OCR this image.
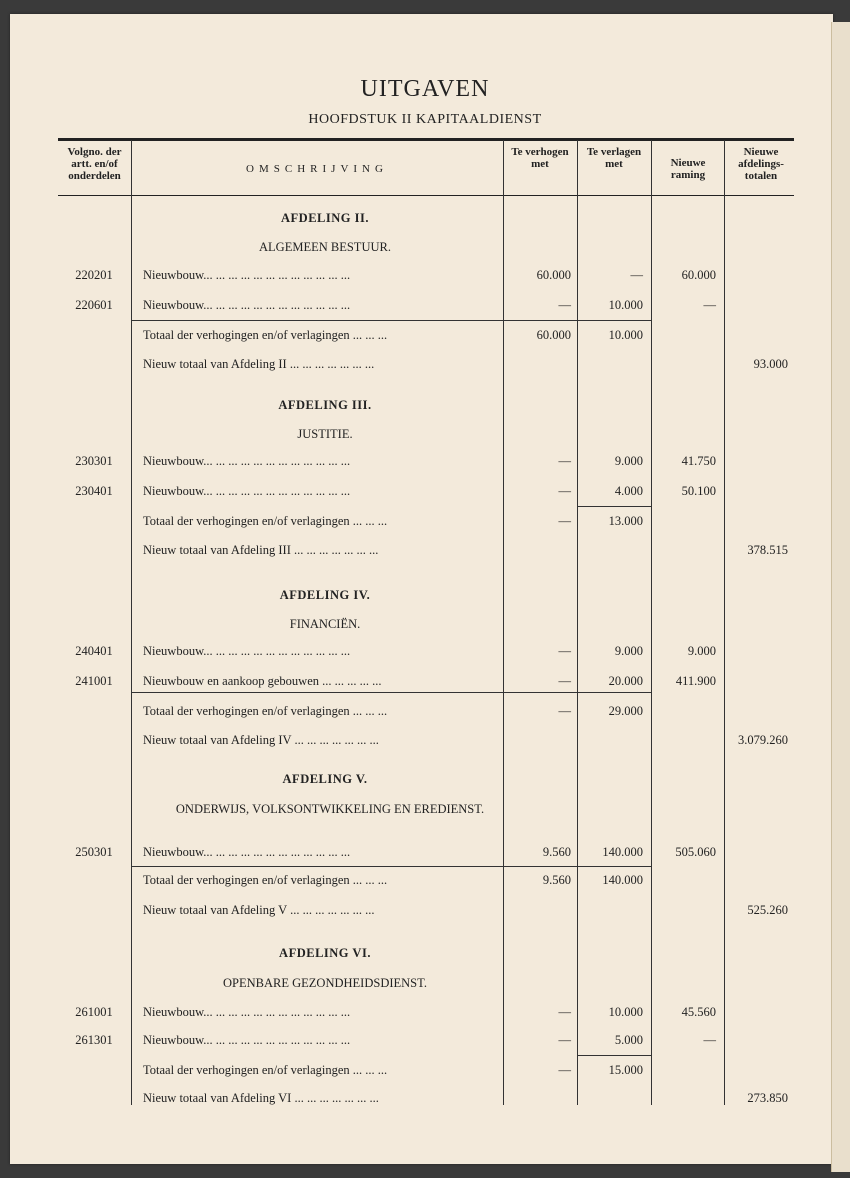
UITGAVEN
HOOFDSTUK II KAPITAALDIENST
Volgno. der artt. en/of onderdelen
OMSCHRIJVING
Te verhogen met
Te verlagen met	Nieuwe raming
Nieuwe afdelings-totalen
AFDELING II.
ALGEMEEN BESTUUR.
220201	Nieuwbouw... ... ... ... ... ... ... ... ... ... ... ...	60.000	—	60.000
220601	Nieuwbouw... ... ... ... ... ... ... ... ... ... ... ...	—	10.000	—
Totaal der verhogingen en/of verlagingen ... ... ...	60.000	10.000
Nieuw totaal van Afdeling II ... ... ... ... ... ... ...	93.000
AFDELING III.
JUSTITIE.
230301	Nieuwbouw... ... ... ... ... ... ... ... ... ... ... ...	—	9.000	41.750
230401	Nieuwbouw... ... ... ... ... ... ... ... ... ... ... ...	—	4.000	50.100
Totaal der verhogingen en/of verlagingen ... ... ...	—	13.000
Nieuw totaal van Afdeling III ... ... ... ... ... ... ...	378.515
AFDELING IV.
FINANCIËN.
240401	Nieuwbouw... ... ... ... ... ... ... ... ... ... ... ...	—	9.000	9.000
241001	Nieuwbouw en aankoop gebouwen ... ... ... ... ...	—	20.000	411.900
Totaal der verhogingen en/of verlagingen ... ... ...	—	29.000
Nieuw totaal van Afdeling IV ... ... ... ... ... ... ...	3.079.260
AFDELING V.
ONDERWIJS, VOLKSONTWIKKELING EN EREDIENST.
250301	Nieuwbouw... ... ... ... ... ... ... ... ... ... ... ...	9.560	140.000	505.060
Totaal der verhogingen en/of verlagingen ... ... ...	9.560	140.000
Nieuw totaal van Afdeling V ... ... ... ... ... ... ...	525.260
AFDELING VI.
OPENBARE GEZONDHEIDSDIENST.
261001	Nieuwbouw... ... ... ... ... ... ... ... ... ... ... ...	—	10.000	45.560
261301	Nieuwbouw... ... ... ... ... ... ... ... ... ... ... ...	—	5.000	—
Totaal der verhogingen en/of verlagingen ... ... ...	—	15.000
Nieuw totaal van Afdeling VI ... ... ... ... ... ... ...	273.850
